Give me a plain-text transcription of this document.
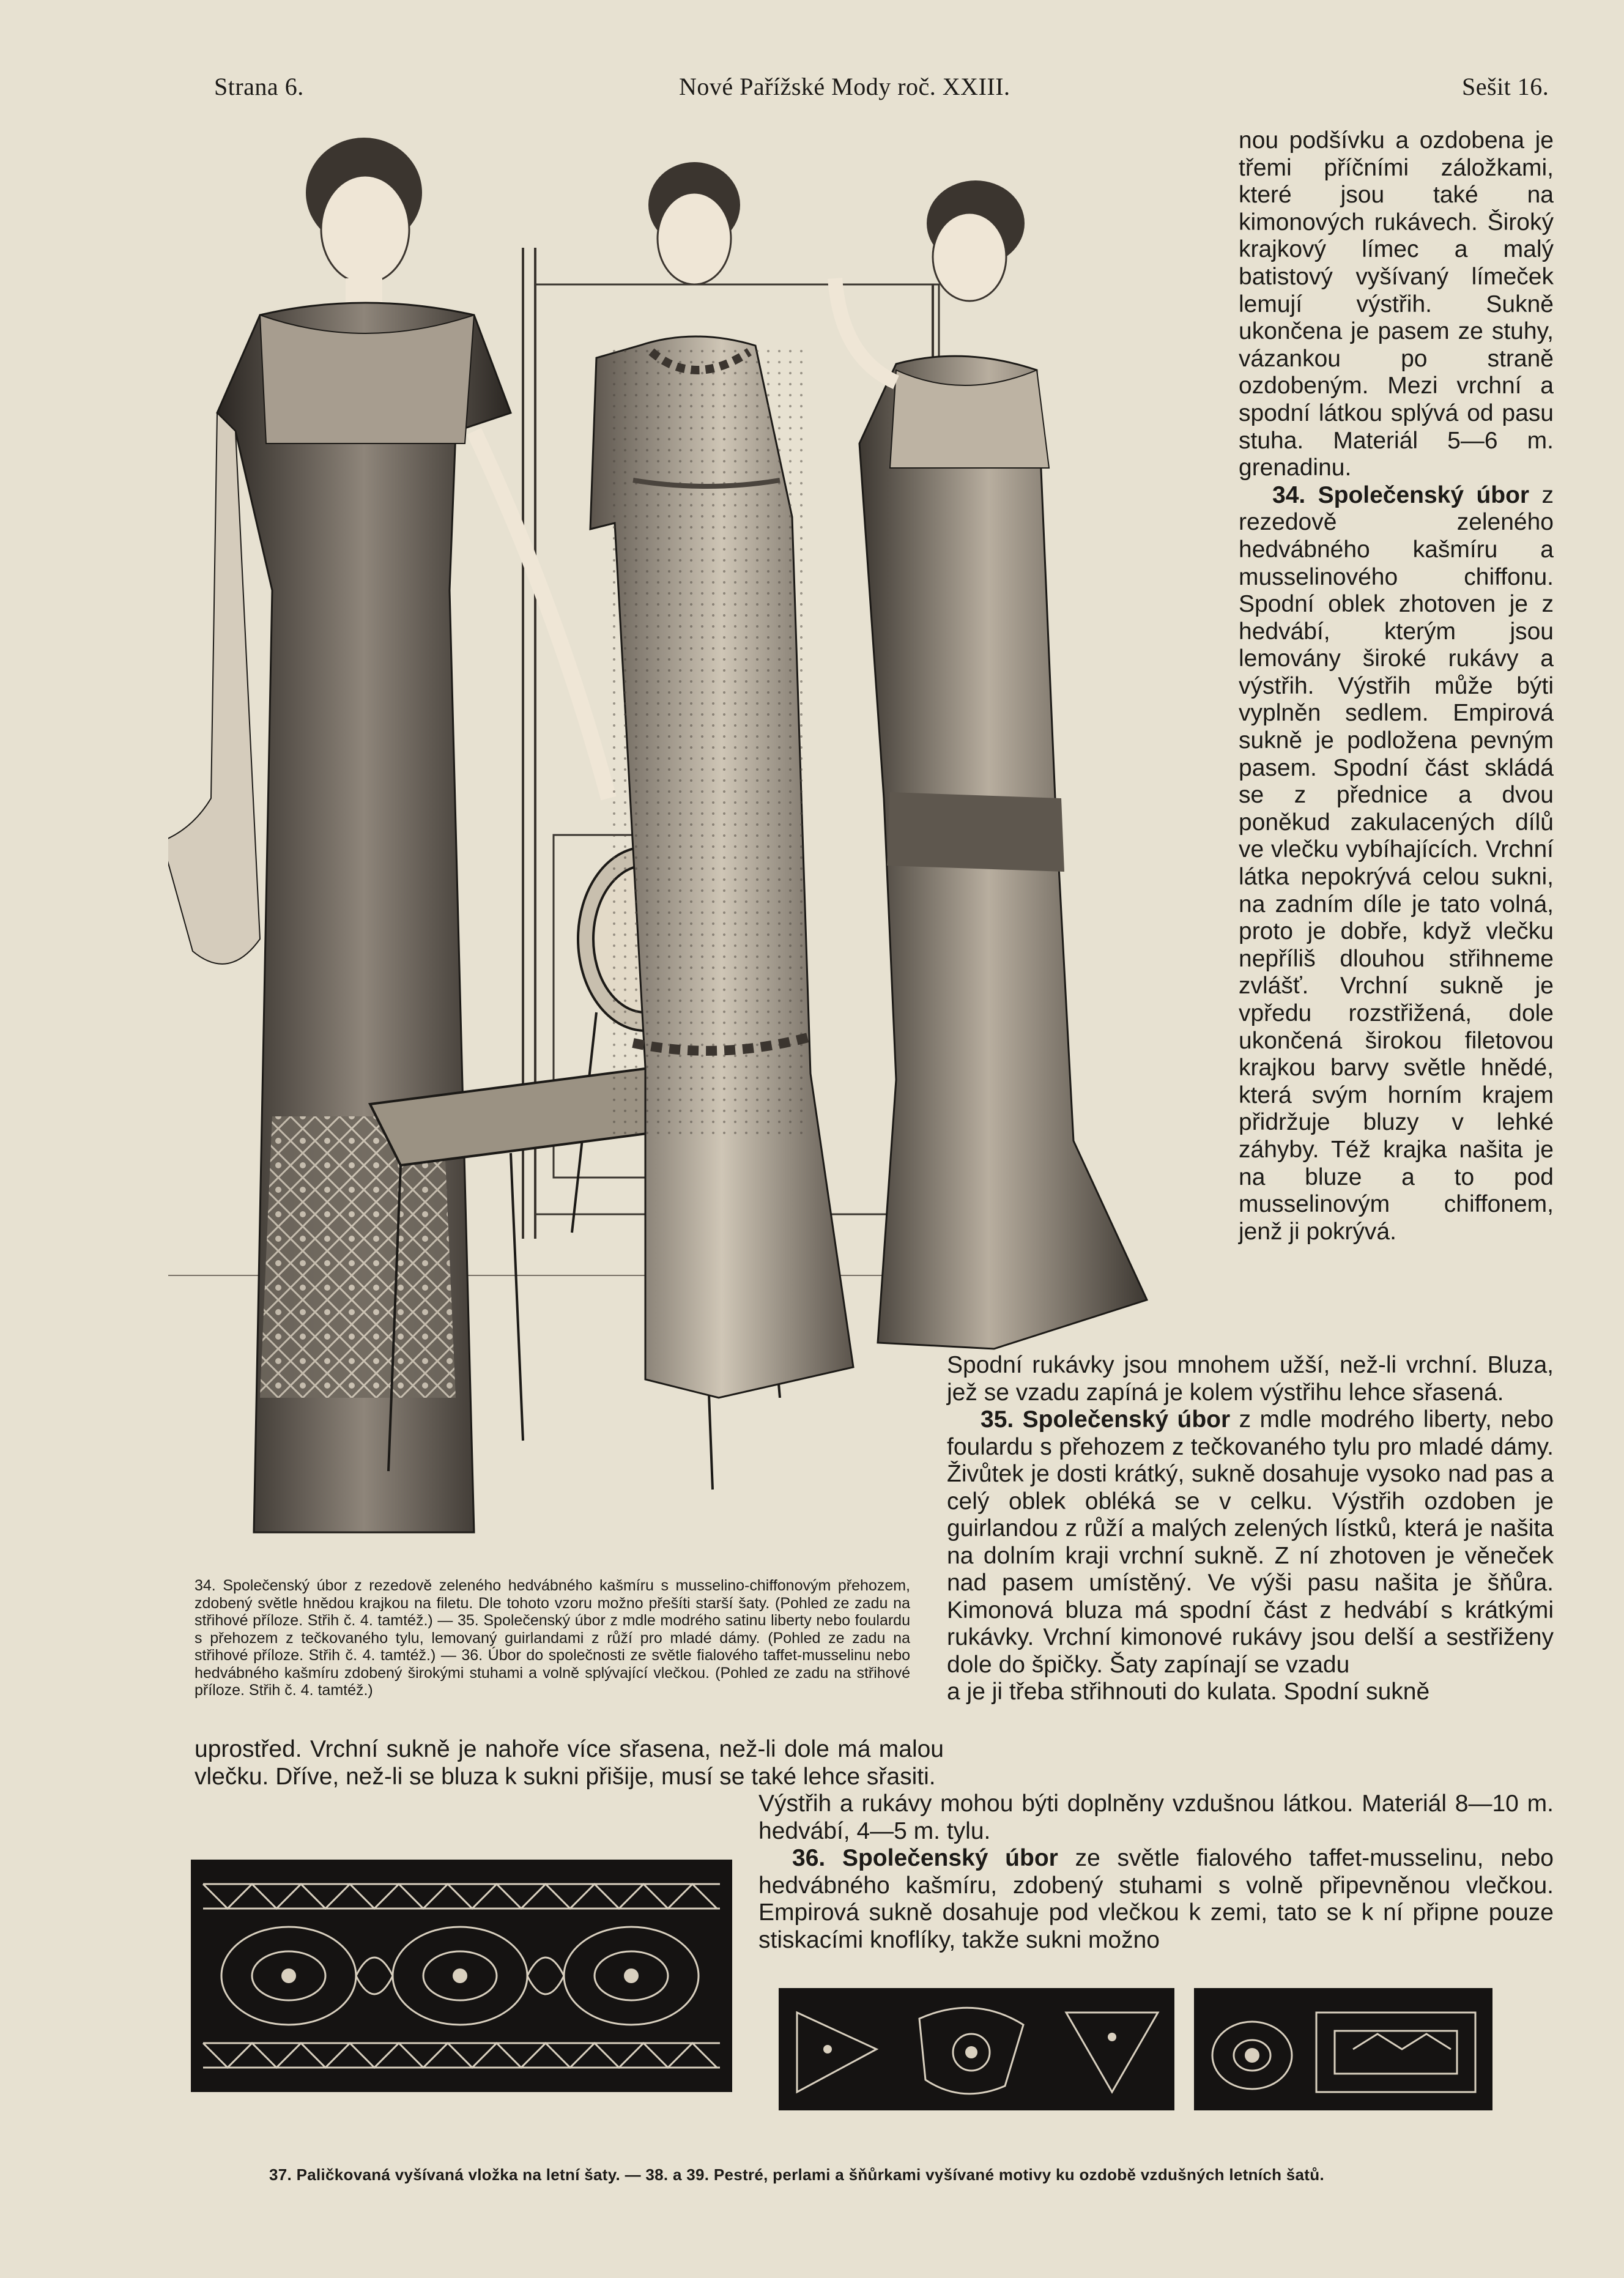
Strana 6.	Nové Pařížské Mody roč. XXIII.	Sešit 16.

nou podšívku a ozdobena je třemi příčními záložkami, které jsou také na kimonových rukávech. Široký krajkový límec a malý batistový vyšívaný límeček lemují výstřih. Sukně ukončena je pasem ze stuhy, vázankou po straně ozdobeným. Mezi vrchní a spodní látkou splývá od pasu stuha. Materiál 5—6 m. grenadinu.

34. Společenský úbor z rezedově zeleného hedvábného kašmíru a musselinového chiffonu. Spodní oblek zhotoven je z hedvábí, kterým jsou lemovány široké rukávy a výstřih. Výstřih může býti vyplněn sedlem. Empirová sukně je podložena pevným pasem. Spodní část skládá se z přednice a dvou poněkud zakulacených dílů ve vlečku vybíhajících. Vrchní látka nepokrývá celou sukni, na zadním díle je tato volná, proto je dobře, když vlečku nepříliš dlouhou střihneme zvlášť. Vrchní sukně je vpředu rozstřižená, dole ukončená širokou filetovou krajkou barvy světle hnědé, která svým horním krajem přidržuje bluzy v lehké záhyby. Též krajka našita je na bluze a to pod musselinovým chiffonem, jenž ji pokrývá.

Spodní rukávky jsou mnohem užší, než-li vrchní. Bluza, jež se vzadu zapíná je kolem výstřihu lehce sřasená.

35. Společenský úbor z mdle modrého liberty, nebo foulardu s přehozem z tečkovaného tylu pro mladé dámy. Živůtek je dosti krátký, sukně dosahuje vysoko nad pas a celý oblek obléká se v celku. Výstřih ozdoben je guirlandou z růží a malých zelených lístků, která je našita na dolním kraji vrchní sukně. Z ní zhotoven je věneček nad pasem umístěný. Ve výši pasu našita je šňůra. Kimonová bluza má spodní část z hedvábí s krátkými rukávky. Vrchní kimonové rukávy jsou delší a sestřiženy dole do špičky. Šaty zapínají se vzadu

a je ji třeba střihnouti do kulata. Spodní sukně

34. Společenský úbor z rezedově zeleného hedvábného kašmíru s musselino-chiffonovým přehozem, zdobený světle hnědou krajkou na filetu. Dle tohoto vzoru možno přešíti starší šaty. (Pohled ze zadu na střihové příloze. Střih č. 4. tamtéž.) — 35. Společenský úbor z mdle modrého satinu liberty nebo foulardu s přehozem z tečkovaného tylu, lemovaný guirlandami z růží pro mladé dámy. (Pohled ze zadu na střihové příloze. Střih č. 4. tamtéž.) — 36. Úbor do společnosti ze světle fialového taffet-musselinu nebo hedvábného kašmíru zdobený širokými stuhami a volně splývající vlečkou. (Pohled ze zadu na střihové příloze. Střih č. 4. tamtéž.)

uprostřed. Vrchní sukně je nahoře více sřasena, než-li dole má malou vlečku. Dříve, než-li se bluza k sukni přišije, musí se také lehce sřasiti.

Výstřih a rukávy mohou býti doplněny vzdušnou látkou. Materiál 8—10 m. hedvábí, 4—5 m. tylu.

36. Společenský úbor ze světle fialového taffet-musselinu, nebo hedvábného kašmíru, zdobený stuhami s volně připevněnou vlečkou. Empirová sukně dosahuje pod vlečkou k zemi, tato se k ní připne pouze stiskacími knoflíky, takže sukni možno

37. Paličkovaná vyšívaná vložka na letní šaty. — 38. a 39. Pestré, perlami a šňůrkami vyšívané motivy ku ozdobě vzdušných letních šatů.
